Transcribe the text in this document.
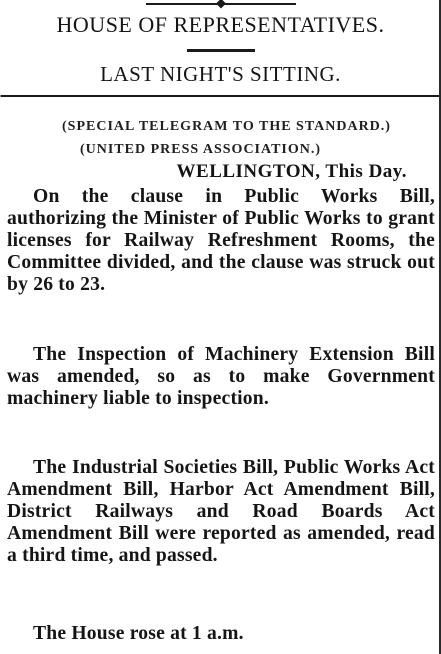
HOUSE OF REPRESENTATIVES.
LAST NIGHT'S SITTING.
(SPECIAL TELEGRAM TO THE STANDARD.)
(UNITED PRESS ASSOCIATION.)
WELLINGTON, This Day.
On the clause in Public Works Bill, authorizing the Minister of Public Works to grant licenses for Railway Refreshment Rooms, the Committee divided, and the clause was struck out by 26 to 23.
The Inspection of Machinery Extension Bill was amended, so as to make Government machinery liable to inspection.
The Industrial Societies Bill, Public Works Act Amendment Bill, Harbor Act Amendment Bill, District Railways and Road Boards Act Amendment Bill were reported as amended, read a third time, and passed.
The House rose at 1 a.m.
